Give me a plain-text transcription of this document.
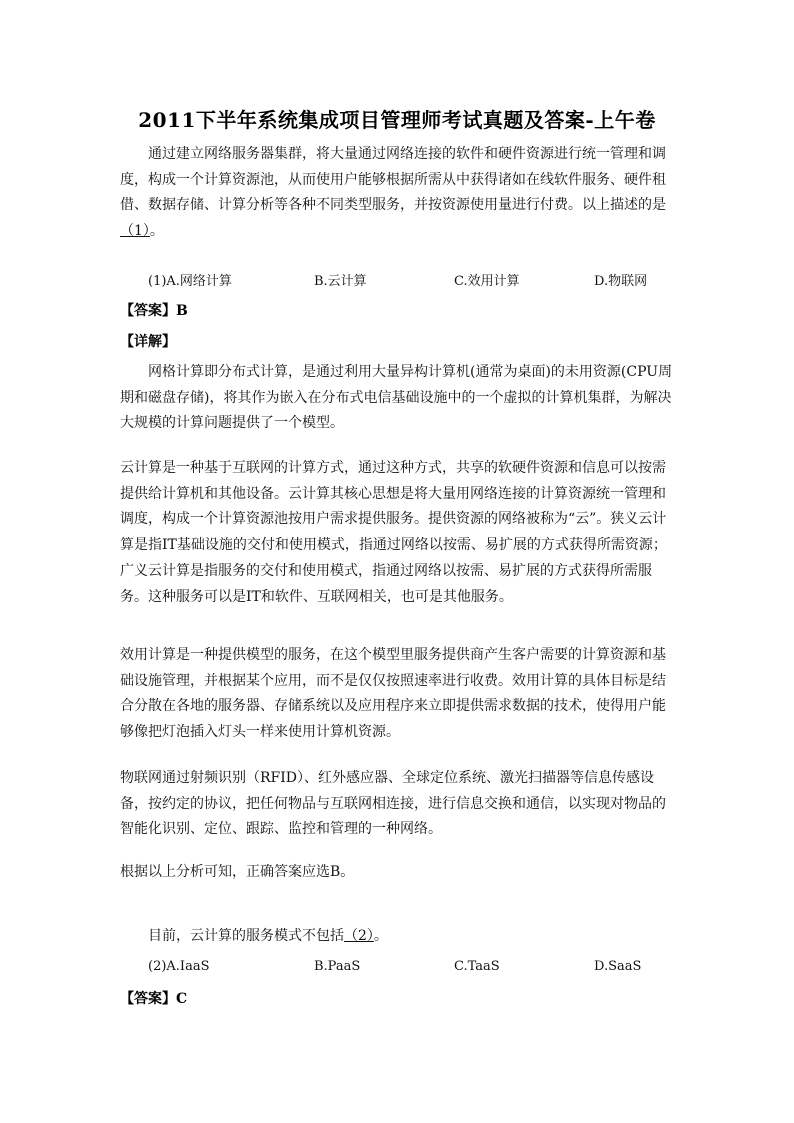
2011下半年系统集成项目管理师考试真题及答案-上午卷
通过建立网络服务器集群，将大量通过网络连接的软件和硬件资源进行统一管理和调度，构成一个计算资源池，从而使用户能够根据所需从中获得诸如在线软件服务、硬件租借、数据存储、计算分析等各种不同类型服务，并按资源使用量进行付费。以上描述的是（1）。
(1)A.网络计算	B.云计算	C.效用计算	D.物联网
【答案】B
【详解】
网格计算即分布式计算，是通过利用大量异构计算机(通常为桌面)的未用资源(CPU周期和磁盘存储)，将其作为嵌入在分布式电信基础设施中的一个虚拟的计算机集群，为解决大规模的计算问题提供了一个模型。
云计算是一种基于互联网的计算方式，通过这种方式，共享的软硬件资源和信息可以按需提供给计算机和其他设备。云计算其核心思想是将大量用网络连接的计算资源统一管理和调度，构成一个计算资源池按用户需求提供服务。提供资源的网络被称为“云”。狭义云计算是指IT基础设施的交付和使用模式，指通过网络以按需、易扩展的方式获得所需资源；广义云计算是指服务的交付和使用模式，指通过网络以按需、易扩展的方式获得所需服务。这种服务可以是IT和软件、互联网相关，也可是其他服务。
效用计算是一种提供模型的服务，在这个模型里服务提供商产生客户需要的计算资源和基础设施管理，并根据某个应用，而不是仅仅按照速率进行收费。效用计算的具体目标是结合分散在各地的服务器、存储系统以及应用程序来立即提供需求数据的技术，使得用户能够像把灯泡插入灯头一样来使用计算机资源。
物联网通过射频识别（RFID）、红外感应器、全球定位系统、激光扫描器等信息传感设备，按约定的协议，把任何物品与互联网相连接，进行信息交换和通信，以实现对物品的智能化识别、定位、跟踪、监控和管理的一种网络。
根据以上分析可知，正确答案应选B。
目前，云计算的服务模式不包括（2）。
(2)A.IaaS	B.PaaS	C.TaaS	D.SaaS
【答案】C
